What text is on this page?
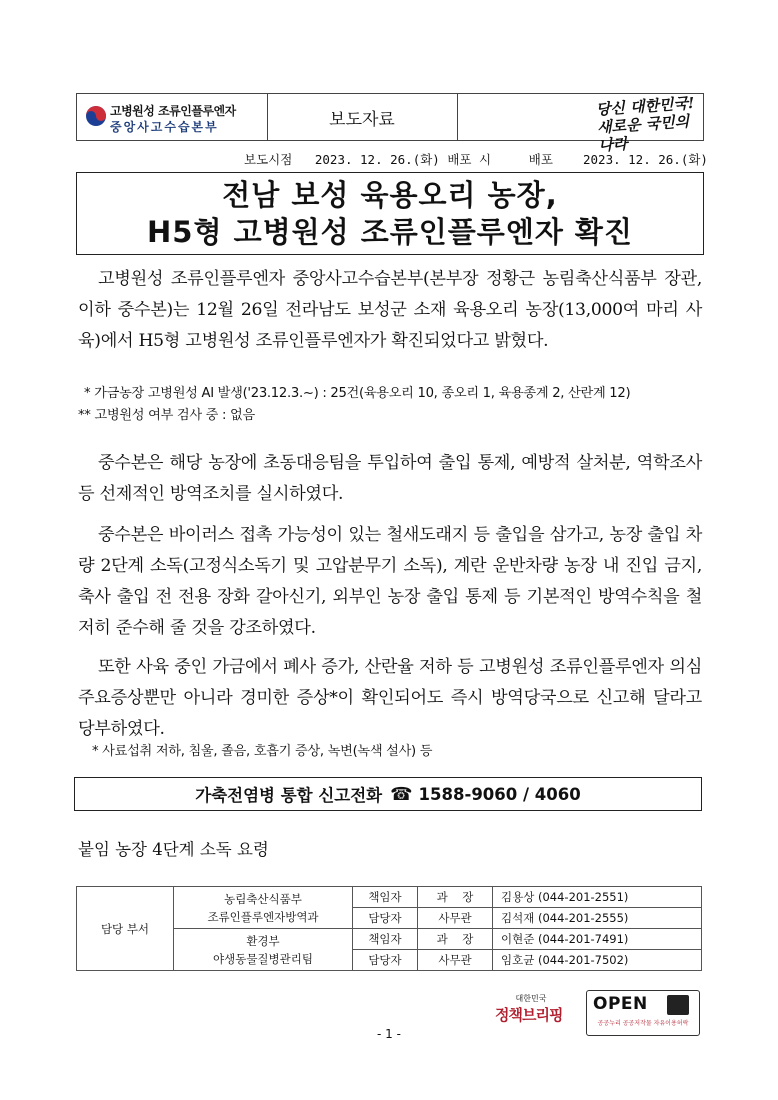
고병원성 조류인플루엔자
중앙사고수습본부	보도자료
당신 대한민국!
새로운 국민의 나라
보도시점   2023. 12. 26.(화) 배포 시     배포    2023. 12. 26.(화)
전남 보성 육용오리 농장,
H5형 고병원성 조류인플루엔자 확진
고병원성 조류인플루엔자 중앙사고수습본부(본부장 정황근 농림축산식품부 장관, 이하 중수본)는 12월 26일 전라남도 보성군 소재 육용오리 농장(13,000여 마리 사육)에서 H5형 고병원성 조류인플루엔자가 확진되었다고 밝혔다.
* 가금농장 고병원성 AI 발생('23.12.3.~) : 25건(육용오리 10, 종오리 1, 육용종계 2, 산란계 12)
** 고병원성 여부 검사 중 : 없음
중수본은 해당 농장에 초동대응팀을 투입하여 출입 통제, 예방적 살처분, 역학조사 등 선제적인 방역조치를 실시하였다.
중수본은 바이러스 접촉 가능성이 있는 철새도래지 등 출입을 삼가고, 농장 출입 차량 2단계 소독(고정식소독기 및 고압분무기 소독), 계란 운반차량 농장 내 진입 금지, 축사 출입 전 전용 장화 갈아신기, 외부인 농장 출입 통제 등 기본적인 방역수칙을 철저히 준수해 줄 것을 강조하였다.
또한 사육 중인 가금에서 폐사 증가, 산란율 저하 등 고병원성 조류인플루엔자 의심 주요증상뿐만 아니라 경미한 증상*이 확인되어도 즉시 방역당국으로 신고해 달라고 당부하였다.
* 사료섭취 저하, 침울, 졸음, 호흡기 증상, 녹변(녹색 설사) 등
가축전염병 통합 신고전화 ☎ 1588-9060 / 4060
붙임 농장 4단계 소독 요령
담당 부서	농림축산식품부
조류인플루엔자방역과	책임자	과    장	김용상 (044-201-2551)
		담당자	사무관	김석재 (044-201-2555)

	환경부
야생동물질병관리팀	책임자	과    장	이현준 (044-201-7491)
		담당자	사무관	임호균 (044-201-7502)
대한민국
정책브리핑
OPEN
공공누리 공공저작물 자유이용허락
- 1 -
